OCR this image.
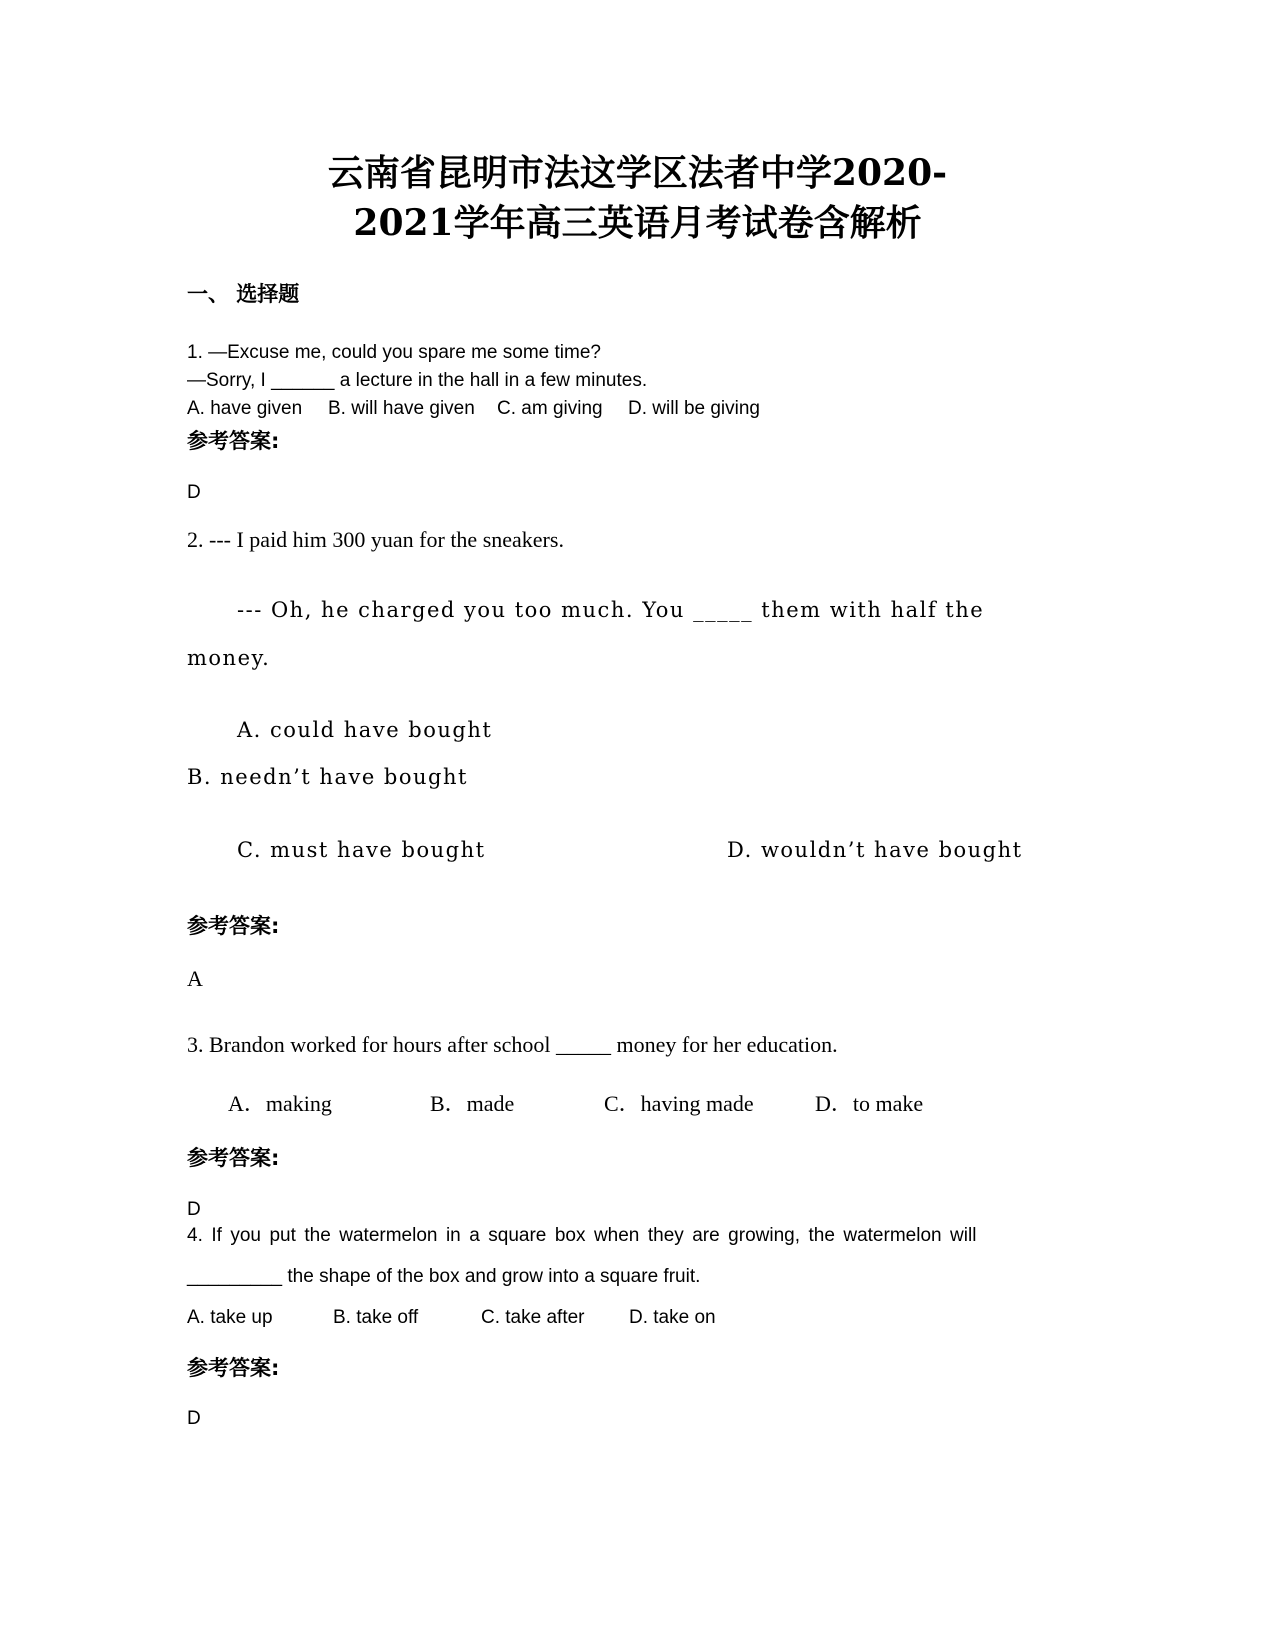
云南省昆明市法这学区法者中学2020-
2021学年高三英语月考试卷含解析
一、 选择题
1. —Excuse me, could you spare me some time?
—Sorry, I ______ a lecture in the hall in a few minutes.
A. have given B. will have given C. am giving D. will be giving
参考答案:
D
2. --- I paid him 300 yuan for the sneakers.
--- Oh, he charged you too much. You _____ them with half the
money.
A. could have bought
B. needn’t have bought
C. must have bought	D. wouldn’t have bought
参考答案:
A
3. Brandon worked for hours after school _____ money for her education.
A．making	B．made	C．having made	D．to make
参考答案:
D
4. If you put the watermelon in a square box when they are growing, the watermelon will
_________ the shape of the box and grow into a square fruit.
A. take up	B. take off	C. take after D. take on
参考答案:
D
